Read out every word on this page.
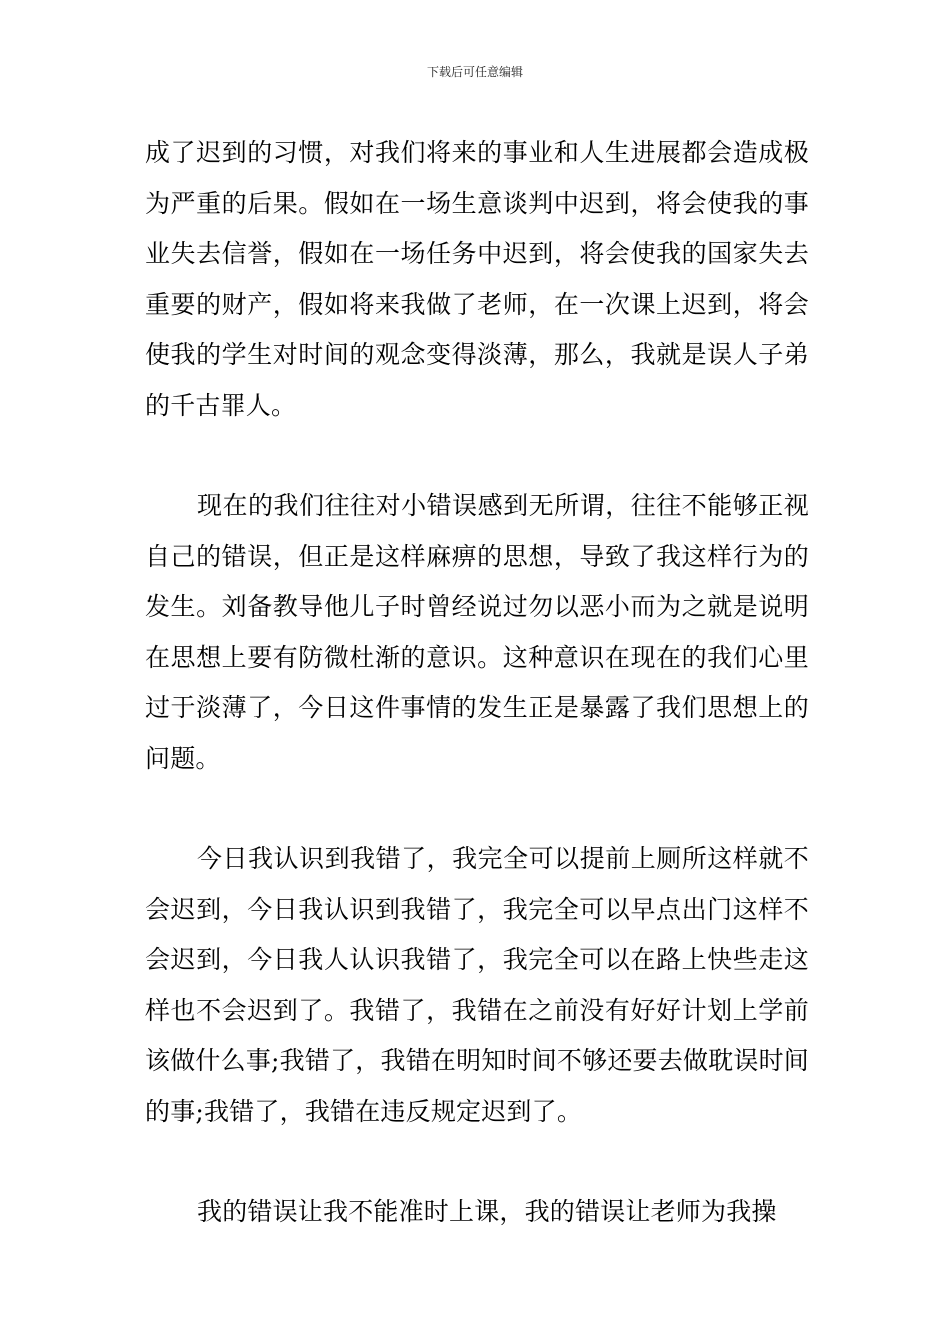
下载后可任意编辑

成了迟到的习惯，对我们将来的事业和人生进展都会造成极为严重的后果。假如在一场生意谈判中迟到，将会使我的事业失去信誉，假如在一场任务中迟到，将会使我的国家失去重要的财产，假如将来我做了老师，在一次课上迟到，将会使我的学生对时间的观念变得淡薄，那么，我就是误人子弟的千古罪人。

现在的我们往往对小错误感到无所谓，往往不能够正视自己的错误，但正是这样麻痹的思想，导致了我这样行为的发生。刘备教导他儿子时曾经说过勿以恶小而为之就是说明在思想上要有防微杜渐的意识。这种意识在现在的我们心里过于淡薄了，今日这件事情的发生正是暴露了我们思想上的问题。

今日我认识到我错了，我完全可以提前上厕所这样就不会迟到，今日我认识到我错了，我完全可以早点出门这样不会迟到，今日我人认识我错了，我完全可以在路上快些走这样也不会迟到了。我错了，我错在之前没有好好计划上学前该做什么事;我错了，我错在明知时间不够还要去做耽误时间的事;我错了，我错在违反规定迟到了。

我的错误让我不能准时上课，我的错误让老师为我操
